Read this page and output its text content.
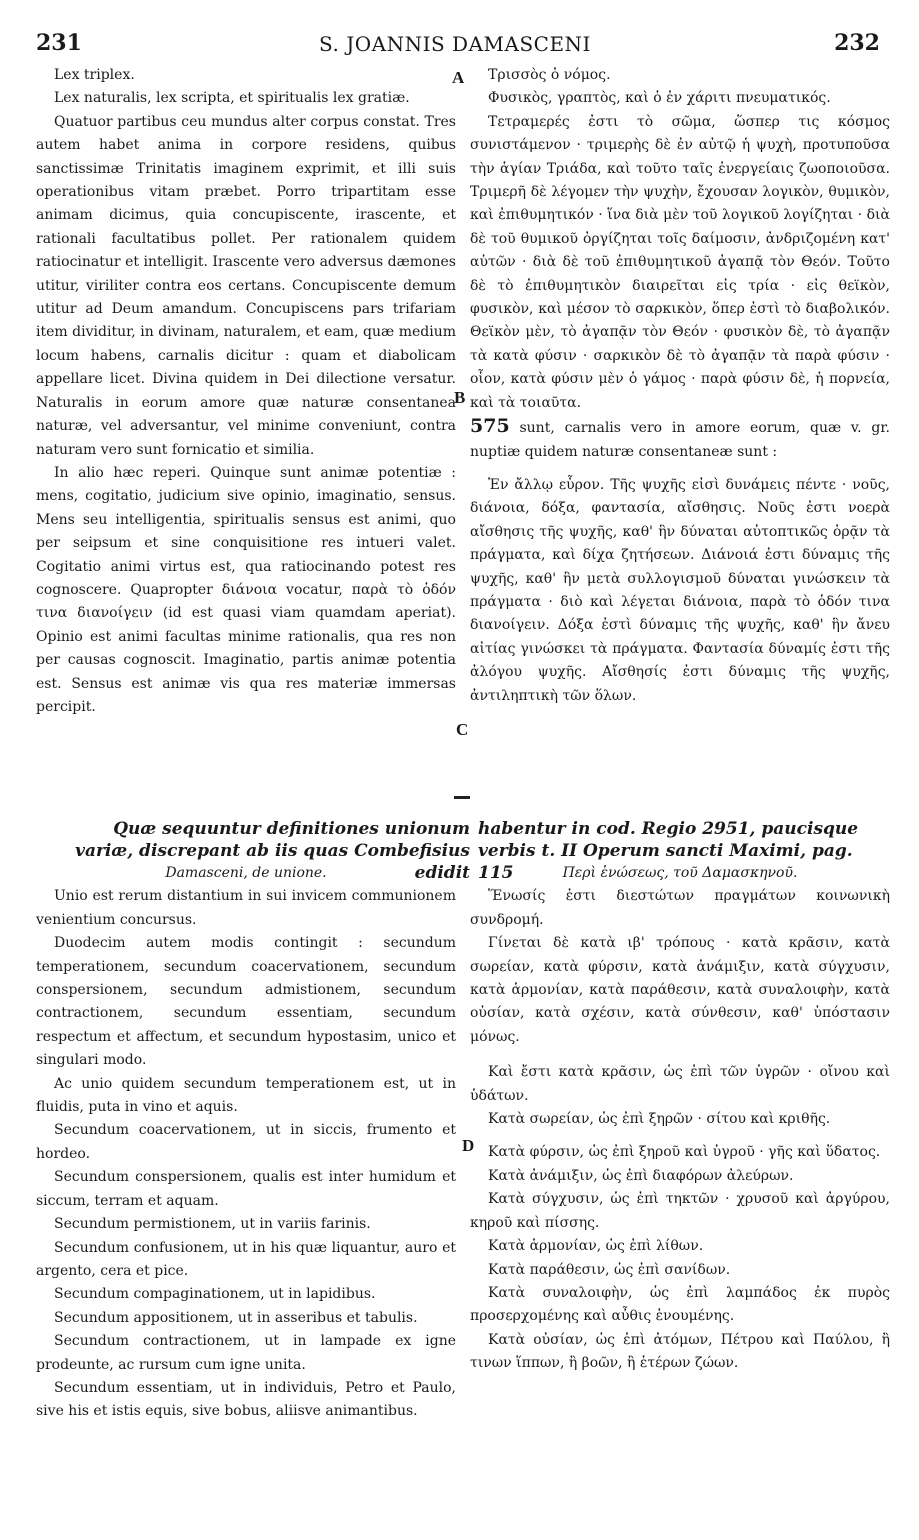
231	S. JOANNIS DAMASCENI	232
A
B
C
D

Lex triplex.

Lex naturalis, lex scripta, et spiritualis lex gratiæ.

Quatuor partibus ceu mundus alter corpus constat. Tres autem habet anima in corpore residens, quibus sanctissimæ Trinitatis imaginem exprimit, et illi suis operationibus vitam præbet. Porro tripartitam esse animam dicimus, quia concupiscente, irascente, et rationali facultatibus pollet. Per rationalem quidem ratiocinatur et intelligit. Irascente vero adversus dæmones utitur, viriliter contra eos certans. Concupiscente demum utitur ad Deum amandum. Concupiscens pars trifariam item dividitur, in divinam, naturalem, et eam, quæ medium locum habens, carnalis dicitur : quam et diabolicam appellare licet. Divina quidem in Dei dilectione versatur. Naturalis in eorum amore quæ naturæ consentanea naturæ, vel adversantur, vel minime conveniunt, contra naturam vero sunt fornicatio et similia.

In alio hæc reperi. Quinque sunt animæ potentiæ : mens, cogitatio, judicium sive opinio, imaginatio, sensus. Mens seu intelligentia, spiritualis sensus est animi, quo per seipsum et sine conquisitione res intueri valet. Cogitatio animi virtus est, qua ratiocinando potest res cognoscere. Quapropter διάνοια vocatur, παρὰ τὸ ὁδόν τινα διανοίγειν (id est quasi viam quamdam aperiat). Opinio est animi facultas minime rationalis, qua res non per causas cognoscit. Imaginatio, partis animæ potentia est. Sensus est animæ vis qua res materiæ immersas percipit.

Τρισσὸς ὁ νόμος.

Φυσικὸς, γραπτὸς, καὶ ὁ ἐν χάριτι πνευματικός.

Τετραμερές ἐστι τὸ σῶμα, ὥσπερ τις κόσμος συνιστάμενον · τριμερὴς δὲ ἐν αὐτῷ ἡ ψυχὴ, προτυποῦσα τὴν ἁγίαν Τριάδα, καὶ τοῦτο ταῖς ἐνεργείαις ζωοποιοῦσα. Τριμερῆ δὲ λέγομεν τὴν ψυχὴν, ἔχουσαν λογικὸν, θυμικὸν, καὶ ἐπιθυμητικόν · ἵνα διὰ μὲν τοῦ λογικοῦ λογίζηται · διὰ δὲ τοῦ θυμικοῦ ὀργίζηται τοῖς δαίμοσιν, ἀνδριζομένη κατ' αὐτῶν · διὰ δὲ τοῦ ἐπιθυμητικοῦ ἀγαπᾷ τὸν Θεόν. Τοῦτο δὲ τὸ ἐπιθυμητικὸν διαιρεῖται εἰς τρία · εἰς θεϊκὸν, φυσικὸν, καὶ μέσον τὸ σαρκικὸν, ὅπερ ἐστὶ τὸ διαβολικόν. Θεϊκὸν μὲν, τὸ ἀγαπᾷν τὸν Θεόν · φυσικὸν δὲ, τὸ ἀγαπᾷν τὰ κατὰ φύσιν · σαρκικὸν δὲ τὸ ἀγαπᾷν τὰ παρὰ φύσιν · οἷον, κατὰ φύσιν μὲν ὁ γάμος · παρὰ φύσιν δὲ, ἡ πορνεία, καὶ τὰ τοιαῦτα.

575 sunt, carnalis vero in amore eorum, quæ v. gr. nuptiæ quidem naturæ consentaneæ sunt :

Ἐν ἄλλῳ εὗρον. Τῆς ψυχῆς εἰσὶ δυνάμεις πέντε · νοῦς, διάνοια, δόξα, φαντασία, αἴσθησις. Νοῦς ἐστι νοερὰ αἴσθησις τῆς ψυχῆς, καθ' ἣν δύναται αὐτοπτικῶς ὁρᾷν τὰ πράγματα, καὶ δίχα ζητήσεων. Διάνοιά ἐστι δύναμις τῆς ψυχῆς, καθ' ἣν μετὰ συλλογισμοῦ δύναται γινώσκειν τὰ πράγματα · διὸ καὶ λέγεται διάνοια, παρὰ τὸ ὁδόν τινα διανοίγειν. Δόξα ἐστὶ δύναμις τῆς ψυχῆς, καθ' ἣν ἄνευ αἰτίας γινώσκει τὰ πράγματα. Φαντασία δύναμίς ἐστι τῆς ἀλόγου ψυχῆς. Αἴσθησίς ἐστι δύναμις τῆς ψυχῆς, ἀντιληπτικὴ τῶν ὅλων.

Quæ sequuntur definitiones unionum variæ, discrepant ab iis quas Combefisius edidit
habentur in cod. Regio 2951, paucisque verbis t. II Operum sancti Maximi, pag. 115

Damasceni, de unione.

Unio est rerum distantium in sui invicem communionem venientium concursus.

Duodecim autem modis contingit : secundum temperationem, secundum coacervationem, secundum conspersionem, secundum admistionem, secundum contractionem, secundum essentiam, secundum respectum et affectum, et secundum hypostasim, unico et singulari modo.

Ac unio quidem secundum temperationem est, ut in fluidis, puta in vino et aquis.

Secundum coacervationem, ut in siccis, frumento et hordeo.

Secundum conspersionem, qualis est inter humidum et siccum, terram et aquam.

Secundum permistionem, ut in variis farinis.

Secundum confusionem, ut in his quæ liquantur, auro et argento, cera et pice.

Secundum compaginationem, ut in lapidibus.

Secundum appositionem, ut in asseribus et tabulis.

Secundum contractionem, ut in lampade ex igne prodeunte, ac rursum cum igne unita.

Secundum essentiam, ut in individuis, Petro et Paulo, sive his et istis equis, sive bobus, aliisve animantibus.

Περὶ ἑνώσεως, τοῦ Δαμασκηνοῦ.

Ἕνωσίς ἐστι διεστώτων πραγμάτων κοινωνικὴ συνδρομή.

Γίνεται δὲ κατὰ ιβ' τρόπους · κατὰ κρᾶσιν, κατὰ σωρείαν, κατὰ φύρσιν, κατὰ ἀνάμιξιν, κατὰ σύγχυσιν, κατὰ ἁρμονίαν, κατὰ παράθεσιν, κατὰ συναλοιφὴν, κατὰ οὐσίαν, κατὰ σχέσιν, κατὰ σύνθεσιν, καθ' ὑπόστασιν μόνως.

Καὶ ἔστι κατὰ κρᾶσιν, ὡς ἐπὶ τῶν ὑγρῶν · οἴνου καὶ ὑδάτων.

Κατὰ σωρείαν, ὡς ἐπὶ ξηρῶν · σίτου καὶ κριθῆς.

Κατὰ φύρσιν, ὡς ἐπὶ ξηροῦ καὶ ὑγροῦ · γῆς καὶ ὕδατος.

Κατὰ ἀνάμιξιν, ὡς ἐπὶ διαφόρων ἀλεύρων.

Κατὰ σύγχυσιν, ὡς ἐπὶ τηκτῶν · χρυσοῦ καὶ ἀργύρου, κηροῦ καὶ πίσσης.

Κατὰ ἁρμονίαν, ὡς ἐπὶ λίθων.

Κατὰ παράθεσιν, ὡς ἐπὶ σανίδων.

Κατὰ συναλοιφὴν, ὡς ἐπὶ λαμπάδος ἐκ πυρὸς προσερχομένης καὶ αὖθις ἑνουμένης.

Κατὰ οὐσίαν, ὡς ἐπὶ ἀτόμων, Πέτρου καὶ Παύλου, ἢ τινων ἵππων, ἢ βοῶν, ἢ ἑτέρων ζώων.
